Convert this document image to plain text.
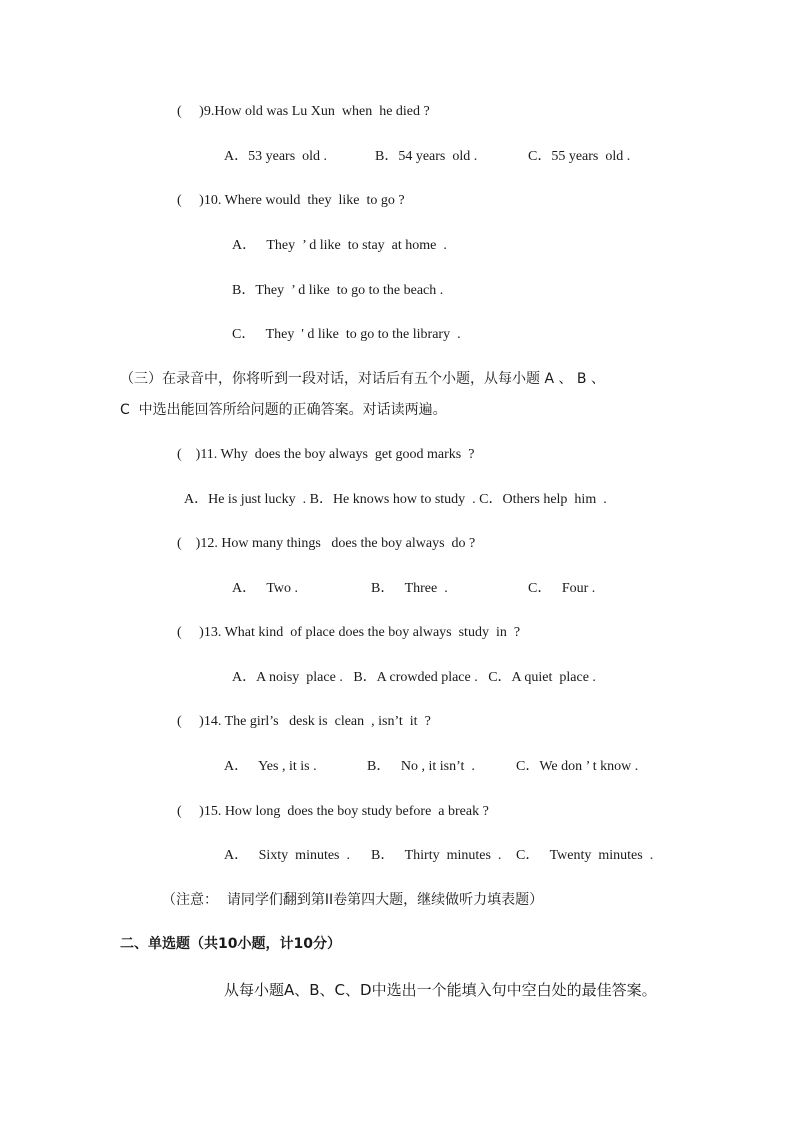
(     )9.How old was Lu Xun  when  he died ?
A．53 years  old .	B．54 years  old .	C．55 years  old .
(     )10. Where would  they  like  to go ?
A．   They  ’ d like  to stay  at home  .
B．They  ’ d like  to go to the beach .
C．   They  ' d like  to go to the library  .
（三）在录音中，你将听到一段对话，对话后有五个小题，从每小题 A 、 B 、
C  中选出能回答所给问题的正确答案。对话读两遍。
(    )11. Why  does the boy always  get good marks  ?
A．He is just lucky  . B．He knows how to study  . C．Others help  him  .
(    )12. How many things   does the boy always  do ?
A．   Two .	B．   Three  .	C．   Four .
(     )13. What kind  of place does the boy always  study  in  ?
A．A noisy  place .   B．A crowded place .   C．A quiet  place .
(     )14. The girl’s   desk is  clean  , isn’t  it  ?
A．   Yes , it is .	B．   No , it isn’t  .	C．We don ’ t know .
(     )15. How long  does the boy study before  a break ?
A．   Sixty  minutes  . B．   Thirty  minutes  . C．   Twenty  minutes  .
（注意：  请同学们翻到第II卷第四大题，继续做听力填表题）
二、单选题（共10小题，计10分）
从每小题A、B、C、D中选出一个能填入句中空白处的最佳答案。
